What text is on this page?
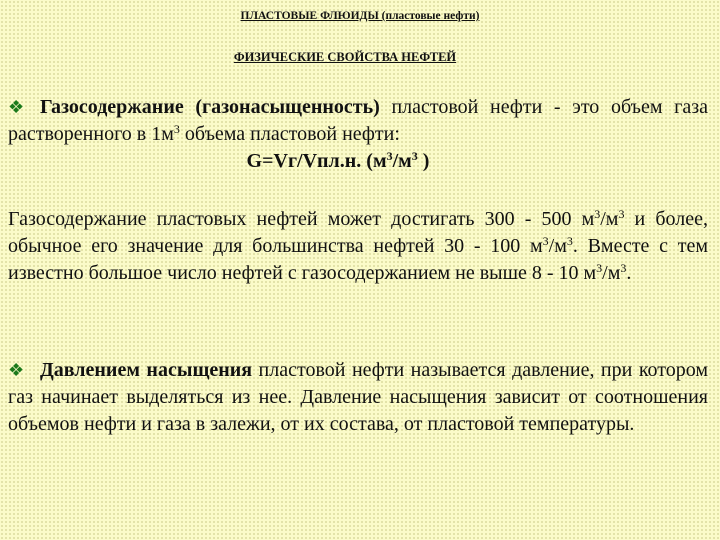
ПЛАСТОВЫЕ ФЛЮИДЫ (пластовые нефти)
ФИЗИЧЕСКИЕ СВОЙСТВА НЕФТЕЙ
❖ Газосодержание (газонасыщенность) пластовой нефти - это объем газа растворенного в $1м^3$ объема пластовой нефти:
G=Vг/Vпл.н. ($м^3/м^3$ )
Газосодержание пластовых нефтей может достигать 300 - 500 $м^3/м^3$ и более, обычное его значение для большинства нефтей 30 - 100 $м^3/м^3$. Вместе с тем известно большое число нефтей с газосодержанием не выше 8 - 10 $м^3/м^3$.
❖ Давлением насыщения пластовой нефти называется давление, при котором газ начинает выделяться из нее. Давление насыщения зависит от соотношения объемов нефти и газа в залежи, от их состава, от пластовой температуры.
